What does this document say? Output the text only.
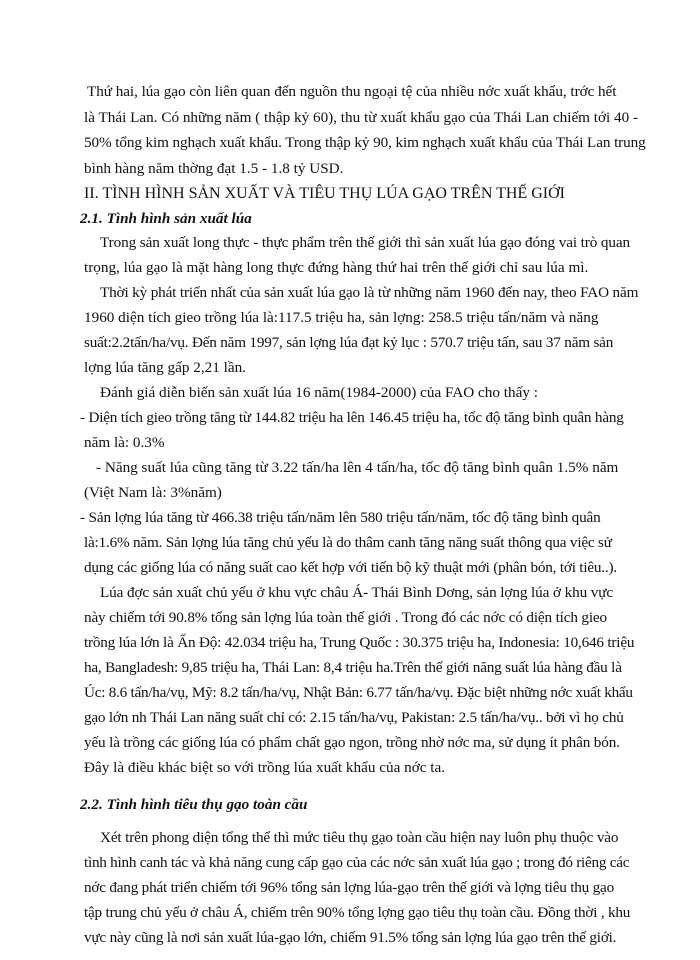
Thứ hai, lúa gạo còn liên quan đến nguồn thu ngoại tệ của nhiều nớc xuất khẩu, trớc hết

là Thái Lan. Có những năm ( thập kỷ 60), thu từ xuất khẩu gạo của Thái Lan chiếm tới 40 -

50% tổng kim nghạch xuất khẩu. Trong thập kỷ 90, kim nghạch xuất khẩu của Thái Lan trung

bình hàng năm thờng đạt 1.5 - 1.8 tỷ USD.

II. TÌNH HÌNH SẢN XUẤT VÀ TIÊU THỤ LÚA GẠO TRÊN THẾ GIỚI

2.1. Tình hình sản xuất lúa

Trong sản xuất long thực - thực phẩm trên thế giới thì sản xuất lúa gạo đóng vai trò quan

trọng, lúa gạo là mặt hàng long thực đứng hàng thứ hai trên thế giới chỉ sau lúa mì.

Thời kỳ phát triển nhất của sản xuất lúa gạo là từ những năm 1960 đến nay, theo FAO năm

1960 diện tích gieo trồng lúa là:117.5 triệu ha, sản lợng: 258.5 triệu tấn/năm và năng

suất:2.2tấn/ha/vụ. Đến năm 1997, sản lợng lúa đạt kỷ lục : 570.7 triệu tấn, sau 37 năm sản

lợng lúa tăng gấp 2,21 lần.

Đánh giá diễn biến sản xuất lúa 16 năm(1984-2000) của FAO cho thấy :

- Diện tích gieo trồng tăng từ 144.82 triệu ha lên 146.45 triệu ha, tốc độ tăng bình quân hàng

năm là: 0.3%

- Năng suất lúa cũng tăng từ 3.22 tấn/ha lên 4 tấn/ha, tốc độ tăng bình quân 1.5% năm

(Việt Nam là: 3%năm)

- Sản lợng lúa tăng từ 466.38 triệu tấn/năm lên 580 triệu tấn/năm, tốc độ tăng bình quân

là:1.6% năm. Sản lợng lúa tăng chủ yếu là do thâm canh tăng năng suất thông qua việc sử

dụng các giống lúa có năng suất cao kết hợp với tiến bộ kỹ thuật mới (phân bón, tới tiêu..).

Lúa đợc sản xuất chủ yếu ở khu vực châu Á- Thái Bình Dơng, sản lợng lúa ở khu vực

này chiếm tới 90.8% tổng sản lợng lúa toàn thế giới . Trong đó các nớc có diện tích gieo

trồng lúa lớn là Ấn Độ: 42.034 triệu ha, Trung Quốc : 30.375 triệu ha, Indonesia: 10,646 triệu

ha, Bangladesh: 9,85 triệu ha, Thái Lan: 8,4 triệu ha.Trên thế giới năng suất lúa hàng đầu là

Úc: 8.6 tấn/ha/vụ, Mỹ: 8.2 tấn/ha/vụ, Nhật Bản: 6.77 tấn/ha/vụ. Đặc biệt những nớc xuất khẩu

gạo lớn nh Thái Lan năng suất chỉ có: 2.15 tấn/ha/vụ, Pakistan: 2.5 tấn/ha/vụ.. bởi vì họ chủ

yếu là trồng các giống lúa có phẩm chất gạo ngon, trồng nhờ nớc ma, sử dụng ít phân bón.

Đây là điều khác biệt so với trồng lúa xuất khẩu của nớc ta.

2.2. Tình hình tiêu thụ gạo toàn cầu

Xét trên phong diện tổng thể thì mức tiêu thụ gạo toàn cầu hiện nay luôn phụ thuộc vào

tình hình canh tác và khả năng cung cấp gạo của các nớc sản xuất lúa gạo ; trong đó riêng các

nớc đang phát triển chiếm tới 96% tổng sản lợng lúa-gạo trên thế giới và lợng tiêu thụ gạo

tập trung chủ yếu ở châu Á, chiếm trên 90% tổng lợng gạo tiêu thụ toàn cầu. Đồng thời , khu

vực này cũng là nơi sản xuất lúa-gạo lớn, chiếm 91.5% tổng sản lợng lúa gạo trên thế giới.

4
